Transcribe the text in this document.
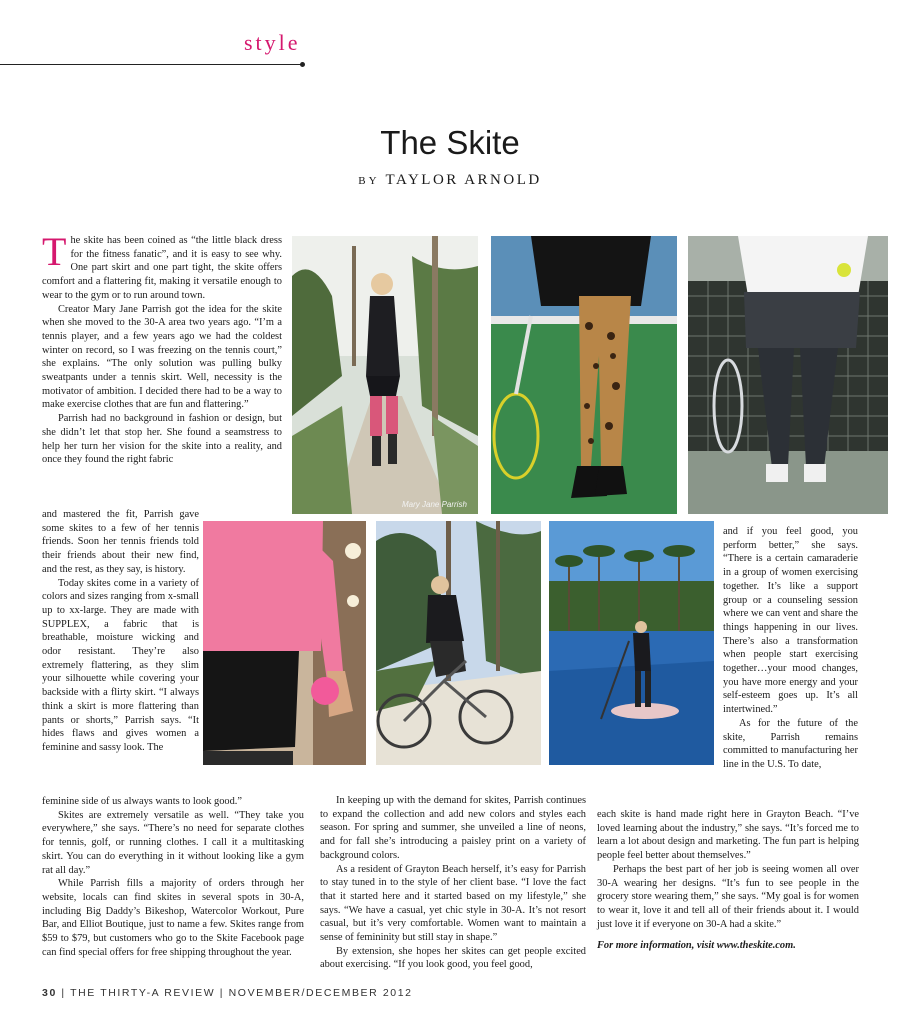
style
The Skite
BY TAYLOR ARNOLD

The skite has been coined as “the little black dress for the fitness fanatic”, and it is easy to see why. One part skirt and one part tight, the skite offers comfort and a flattering fit, making it versatile enough to wear to the gym or to run around town.

Creator Mary Jane Parrish got the idea for the skite when she moved to the 30-A area two years ago. “I’m a tennis player, and a few years ago we had the coldest winter on record, so I was freezing on the tennis court,” she explains. “The only solution was pulling bulky sweatpants under a tennis skirt. Well, necessity is the motivator of ambition. I decided there had to be a way to make exercise clothes that are fun and flattering.”

Parrish had no background in fashion or design, but she didn’t let that stop her. She found a seamstress to help her turn her vision for the skite into a reality, and once they found the right fabric

and mastered the fit, Parrish gave some skites to a few of her tennis friends. Soon her tennis friends told their friends about their new find, and the rest, as they say, is history.

Today skites come in a variety of colors and sizes ranging from x-small up to xx-large. They are made with SUPPLEX, a fabric that is breathable, moisture wicking and odor resistant. They’re also extremely flattering, as they slim your silhouette while covering your backside with a flirty skirt. “I always think a skirt is more flattering than pants or shorts,” Parrish says. “It hides flaws and gives women a feminine and sassy look. The

feminine side of us always wants to look good.”

Skites are extremely versatile as well. “They take you everywhere,” she says. “There’s no need for separate clothes for tennis, golf, or running clothes. I call it a multitasking skirt. You can do everything in it without looking like a gym rat all day.”

While Parrish fills a majority of orders through her website, locals can find skites in several spots in 30-A, including Big Daddy’s Bikeshop, Watercolor Workout, Pure Bar, and Elliot Boutique, just to name a few. Skites range from $59 to $79, but customers who go to the Skite Facebook page can find special offers for free shipping throughout the year.

In keeping up with the demand for skites, Parrish continues to expand the collection and add new colors and styles each season. For spring and summer, she unveiled a line of neons, and for fall she’s introducing a paisley print on a variety of background colors.

As a resident of Grayton Beach herself, it’s easy for Parrish to stay tuned in to the style of her client base. “I love the fact that it started here and it started based on my lifestyle,” she says. “We have a casual, yet chic style in 30-A. It’s not resort casual, but it’s very comfortable. Women want to maintain a sense of femininity but still stay in shape.”

By extension, she hopes her skites can get people excited about exercising. “If you look good, you feel good,

and if you feel good, you perform better,” she says. “There is a certain camaraderie in a group of women exercising together. It’s like a support group or a counseling session where we can vent and share the things happening in our lives. There’s also a transformation when people start exercising together…your mood changes, you have more energy and your self-esteem goes up. It’s all intertwined.”

As for the future of the skite, Parrish remains committed to manufacturing her line in the U.S. To date,

each skite is hand made right here in Grayton Beach. “I’ve loved learning about the industry,” she says. “It’s forced me to learn a lot about design and marketing. The fun part is helping people feel better about themselves.”

Perhaps the best part of her job is seeing women all over 30-A wearing her designs. “It’s fun to see people in the grocery store wearing them,” she says. “My goal is for women to wear it, love it and tell all of their friends about it. I would just love it if everyone on 30-A had a skite.”

For more information, visit www.theskite.com.
Mary Jane Parrish
30 | THE THIRTY-A REVIEW | NOVEMBER/DECEMBER 2012
